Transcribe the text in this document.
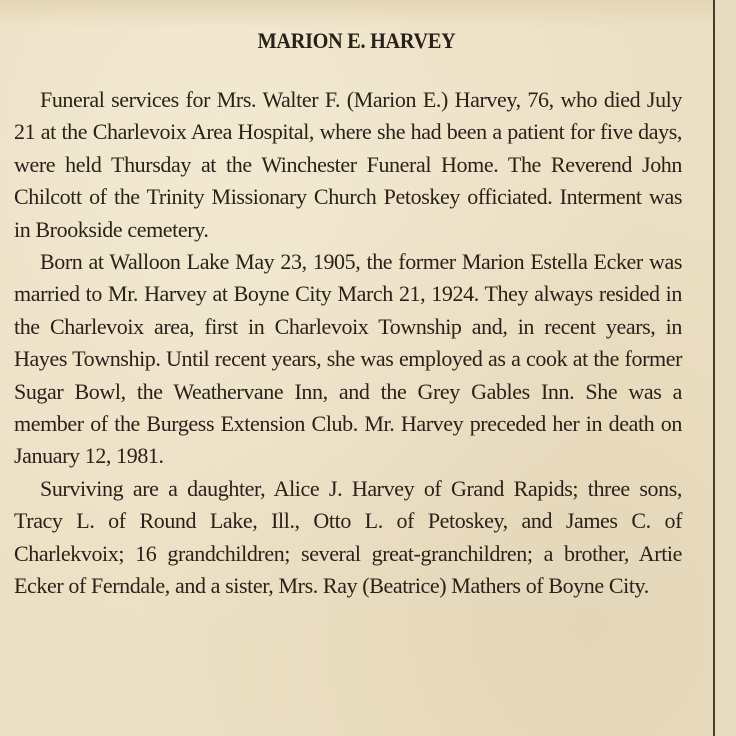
MARION E. HARVEY

Funeral services for Mrs. Walter F. (Marion E.) Harvey, 76, who died July 21 at the Charlevoix Area Hospital, where she had been a patient for five days, were held Thursday at the Winchester Funeral Home. The Reverend John Chilcott of the Trinity Missionary Church Petoskey officiated. Interment was in Brookside cemetery.

Born at Walloon Lake May 23, 1905, the former Marion Estella Ecker was married to Mr. Harvey at Boyne City March 21, 1924. They always resided in the Charlevoix area, first in Charlevoix Township and, in recent years, in Hayes Township. Until recent years, she was employed as a cook at the former Sugar Bowl, the Weathervane Inn, and the Grey Gables Inn. She was a member of the Burgess Extension Club. Mr. Harvey preceded her in death on January 12, 1981.

Surviving are a daughter, Alice J. Harvey of Grand Rapids; three sons, Tracy L. of Round Lake, Ill., Otto L. of Petoskey, and James C. of Charlekvoix; 16 grandchildren; several great-granchildren; a brother, Artie Ecker of Ferndale, and a sister, Mrs. Ray (Beatrice) Mathers of Boyne City.
